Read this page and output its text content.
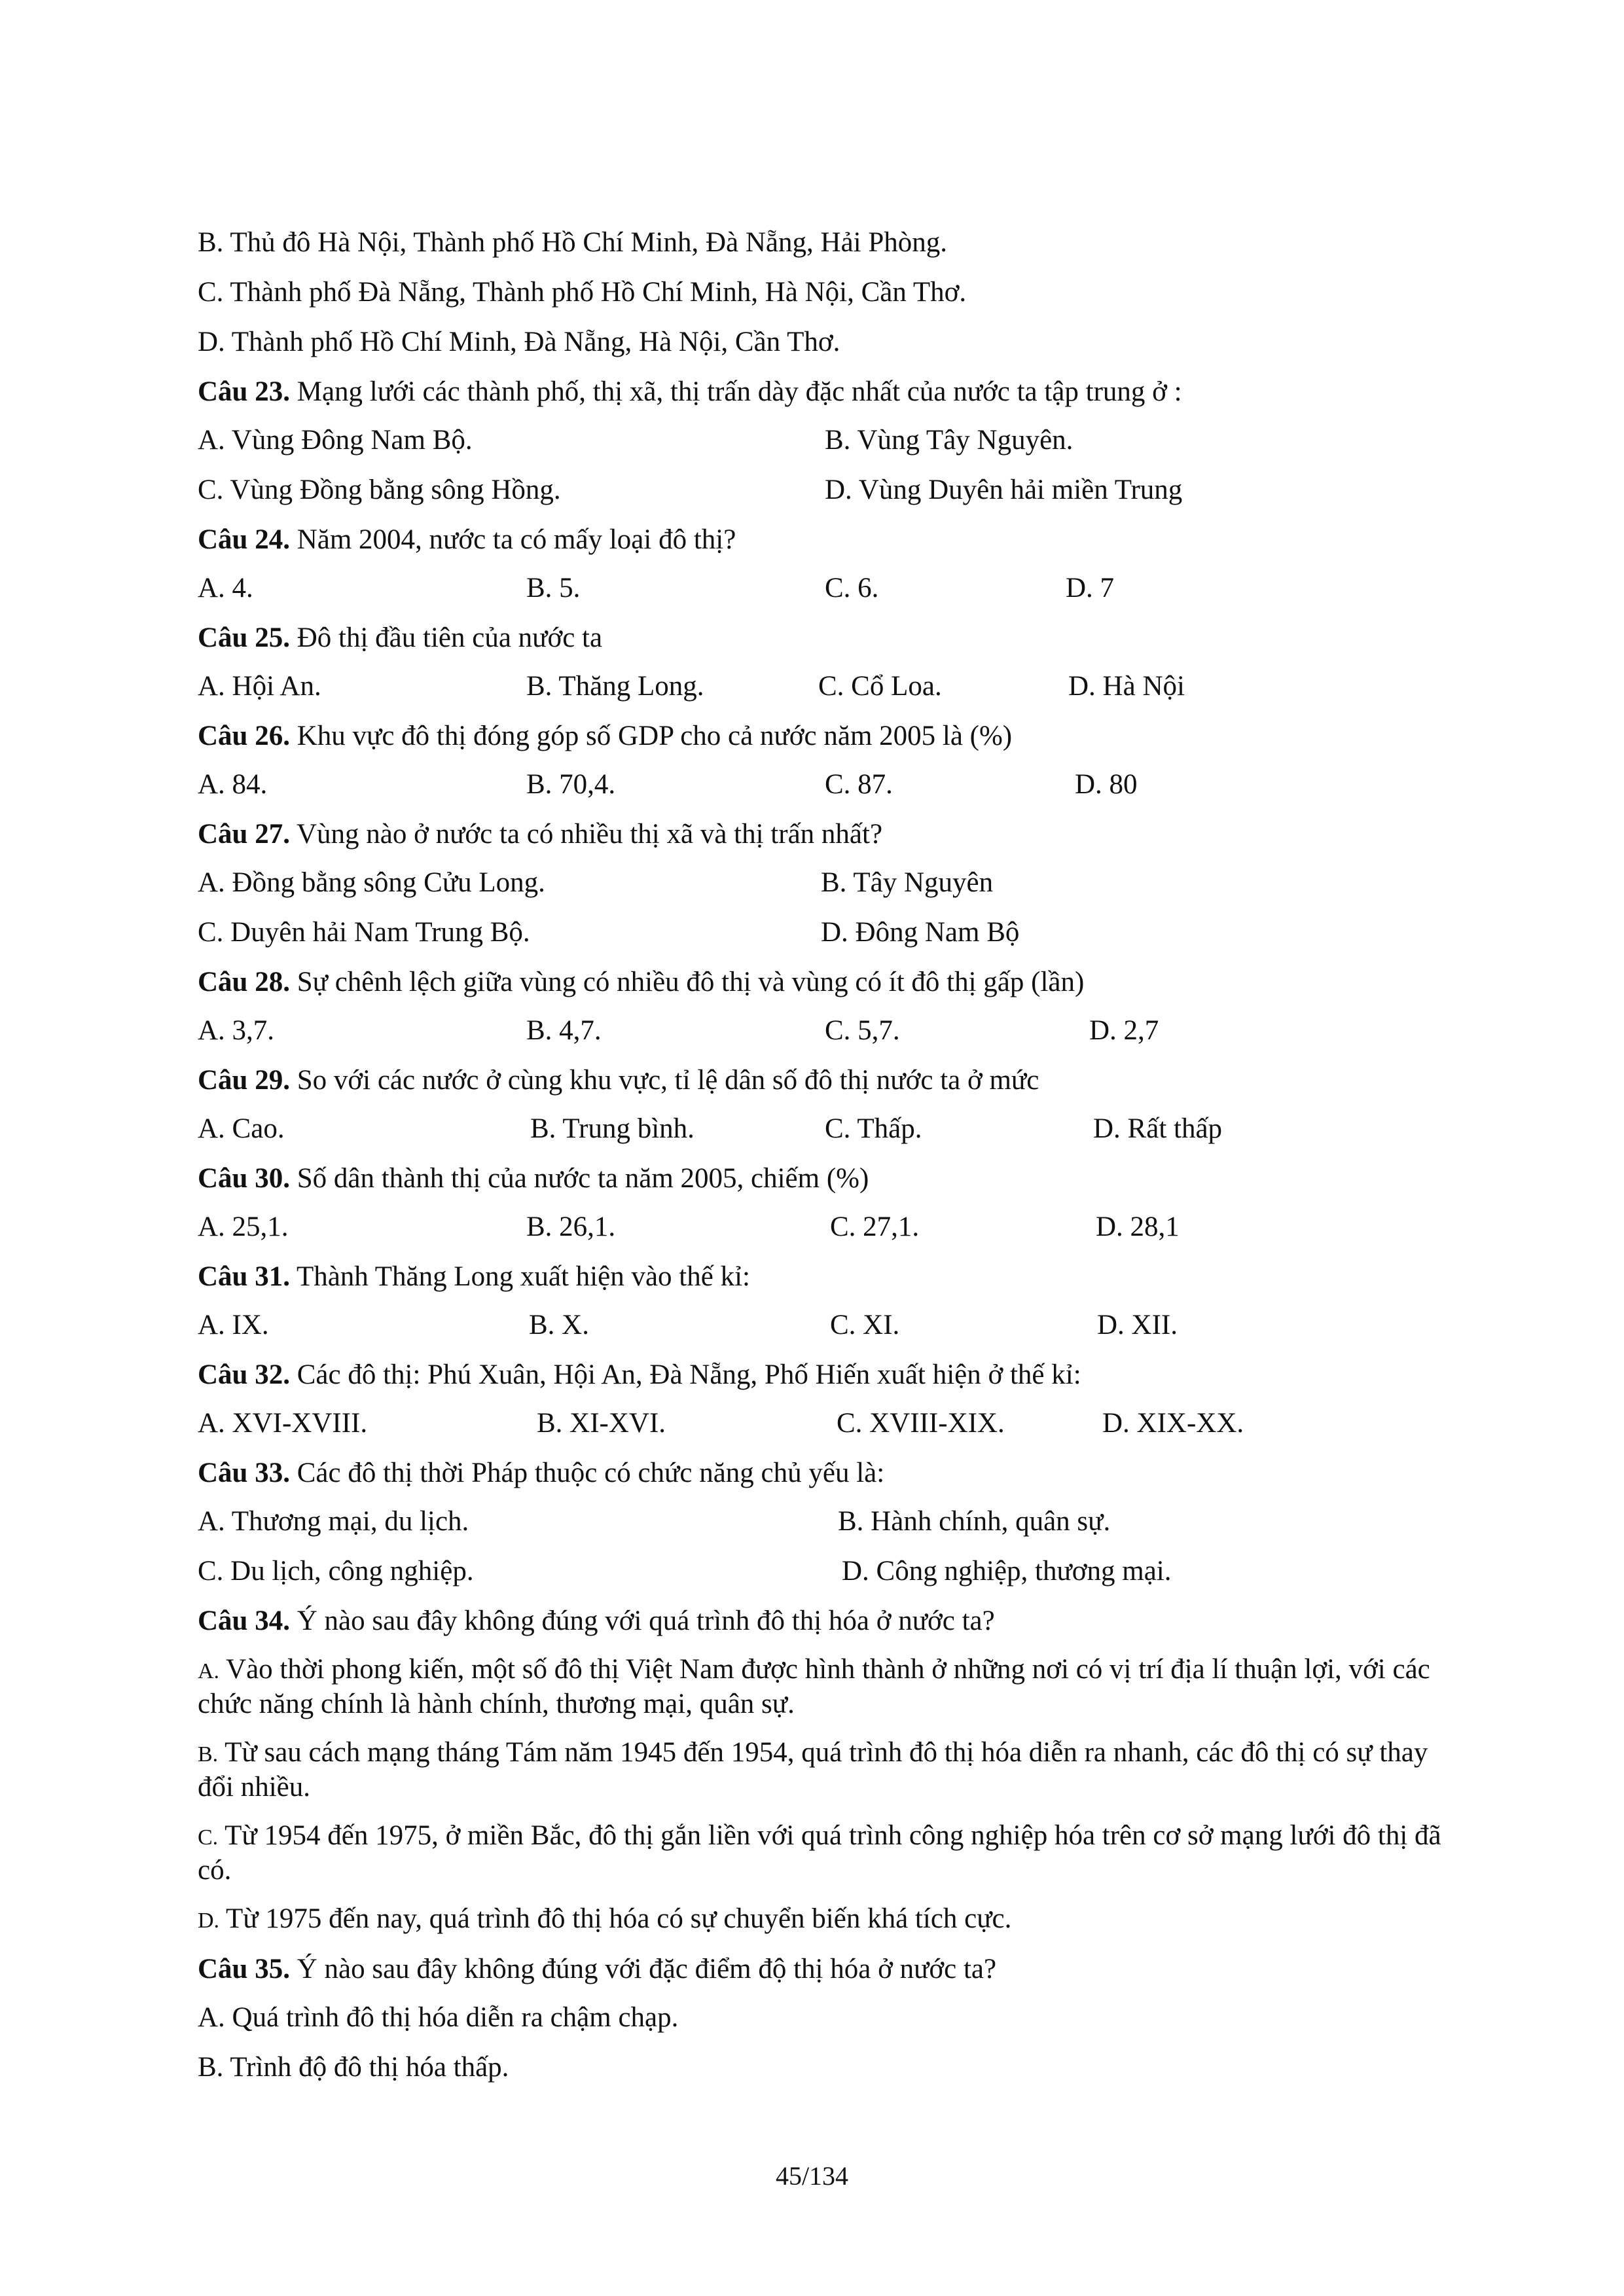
B. Thủ đô Hà Nội, Thành phố Hồ Chí Minh, Đà Nẵng, Hải Phòng.
C. Thành phố Đà Nẵng, Thành phố Hồ Chí Minh, Hà Nội, Cần Thơ.
D. Thành phố Hồ Chí Minh, Đà Nẵng, Hà Nội, Cần Thơ.
Câu 23. Mạng lưới các thành phố, thị xã, thị trấn dày đặc nhất của nước ta tập trung ở :
A. Vùng Đông Nam Bộ.	B. Vùng Tây Nguyên.
C. Vùng Đồng bằng sông Hồng.	D. Vùng Duyên hải miền Trung
Câu 24. Năm 2004, nước ta có mấy loại đô thị?
A. 4.	B. 5.	C. 6.	D. 7
Câu 25. Đô thị đầu tiên của nước ta
A. Hội An.	B. Thăng Long.	C. Cổ Loa.	D. Hà Nội
Câu 26. Khu vực đô thị đóng góp số GDP cho cả nước năm 2005 là (%)
A. 84.	B. 70,4.	C. 87.	D. 80
Câu 27. Vùng nào ở nước ta có nhiều thị xã và thị trấn nhất?
A. Đồng bằng sông Cửu Long.	B. Tây Nguyên
C. Duyên hải Nam Trung Bộ.	D. Đông Nam Bộ
Câu 28. Sự chênh lệch giữa vùng có nhiều đô thị và vùng có ít đô thị gấp (lần)
A. 3,7.	B. 4,7.	C. 5,7.	D. 2,7
Câu 29. So với các nước ở cùng khu vực, tỉ lệ dân số đô thị nước ta ở mức
A. Cao.	B. Trung bình.	C. Thấp.	D. Rất thấp
Câu 30. Số dân thành thị của nước ta năm 2005, chiếm (%)
A. 25,1.	B. 26,1.	C. 27,1.	D. 28,1
Câu 31. Thành Thăng Long xuất hiện vào thế kỉ:
A. IX.	B. X.	C. XI.	D. XII.
Câu 32. Các đô thị: Phú Xuân, Hội An, Đà Nẵng, Phố Hiến xuất hiện ở thế kỉ:
A. XVI-XVIII.	B. XI-XVI.	C. XVIII-XIX.	D. XIX-XX.
Câu 33. Các đô thị thời Pháp thuộc có chức năng chủ yếu là:
A. Thương mại, du lịch.	B. Hành chính, quân sự.
C. Du lịch, công nghiệp.	D. Công nghiệp, thương mại.
Câu 34. Ý nào sau đây không đúng với quá trình đô thị hóa ở nước ta?
A. Vào thời phong kiến, một số đô thị Việt Nam được hình thành ở những nơi có vị trí địa lí thuận lợi, với các chức năng chính là hành chính, thương mại, quân sự.
B. Từ sau cách mạng tháng Tám năm 1945 đến 1954, quá trình đô thị hóa diễn ra nhanh, các đô thị có sự thay đổi nhiều.
C. Từ 1954 đến 1975, ở miền Bắc, đô thị gắn liền với quá trình công nghiệp hóa trên cơ sở mạng lưới đô thị đã có.
D. Từ 1975 đến nay, quá trình đô thị hóa có sự chuyển biến khá tích cực.
Câu 35. Ý nào sau đây không đúng với đặc điểm độ thị hóa ở nước ta?
A. Quá trình đô thị hóa diễn ra chậm chạp.
B. Trình độ đô thị hóa thấp.
45/134
